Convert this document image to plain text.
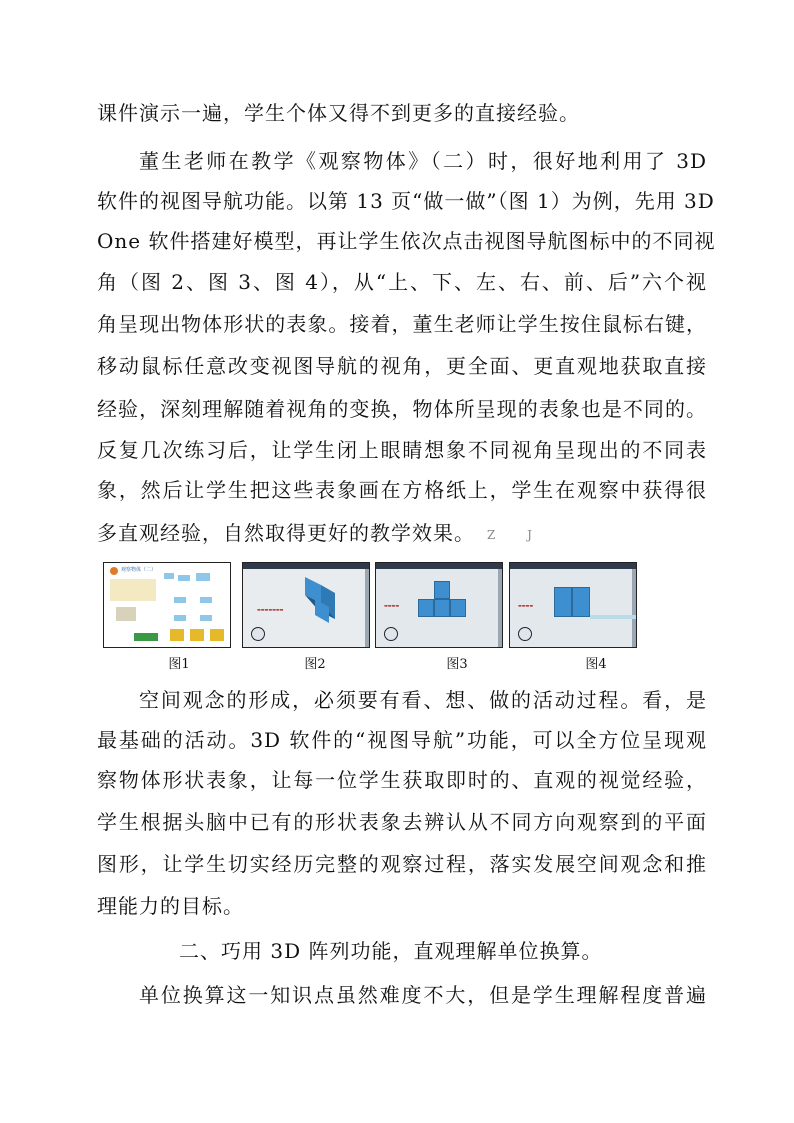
课件演示一遍，学生个体又得不到更多的直接经验。
董生老师在教学《观察物体》（二）时，很好地利用了 3D
软件的视图导航功能。以第 13 页“做一做”（图 1）为例，先用 3D
One 软件搭建好模型，再让学生依次点击视图导航图标中的不同视
角（图 2、图 3、图 4），从“上、下、左、右、前、后”六个视
角呈现出物体形状的表象。接着，董生老师让学生按住鼠标右键，
移动鼠标任意改变视图导航的视角，更全面、更直观地获取直接
经验，深刻理解随着视角的变换，物体所呈现的表象也是不同的。
反复几次练习后，让学生闭上眼睛想象不同视角呈现出的不同表
象，然后让学生把这些表象画在方格纸上，学生在观察中获得很
多直观经验，自然取得更好的教学效果。	Z J
观察物体（二）
▬▬▬▬▬▬▬
▬▬▬▬	▬▬▬▬
图1	图2	图3	图4
空间观念的形成，必须要有看、想、做的活动过程。看，是
最基础的活动。3D 软件的“视图导航”功能，可以全方位呈现观
察物体形状表象，让每一位学生获取即时的、直观的视觉经验，
学生根据头脑中已有的形状表象去辨认从不同方向观察到的平面
图形，让学生切实经历完整的观察过程，落实发展空间观念和推
理能力的目标。
二、巧用 3D 阵列功能，直观理解单位换算。
单位换算这一知识点虽然难度不大，但是学生理解程度普遍
